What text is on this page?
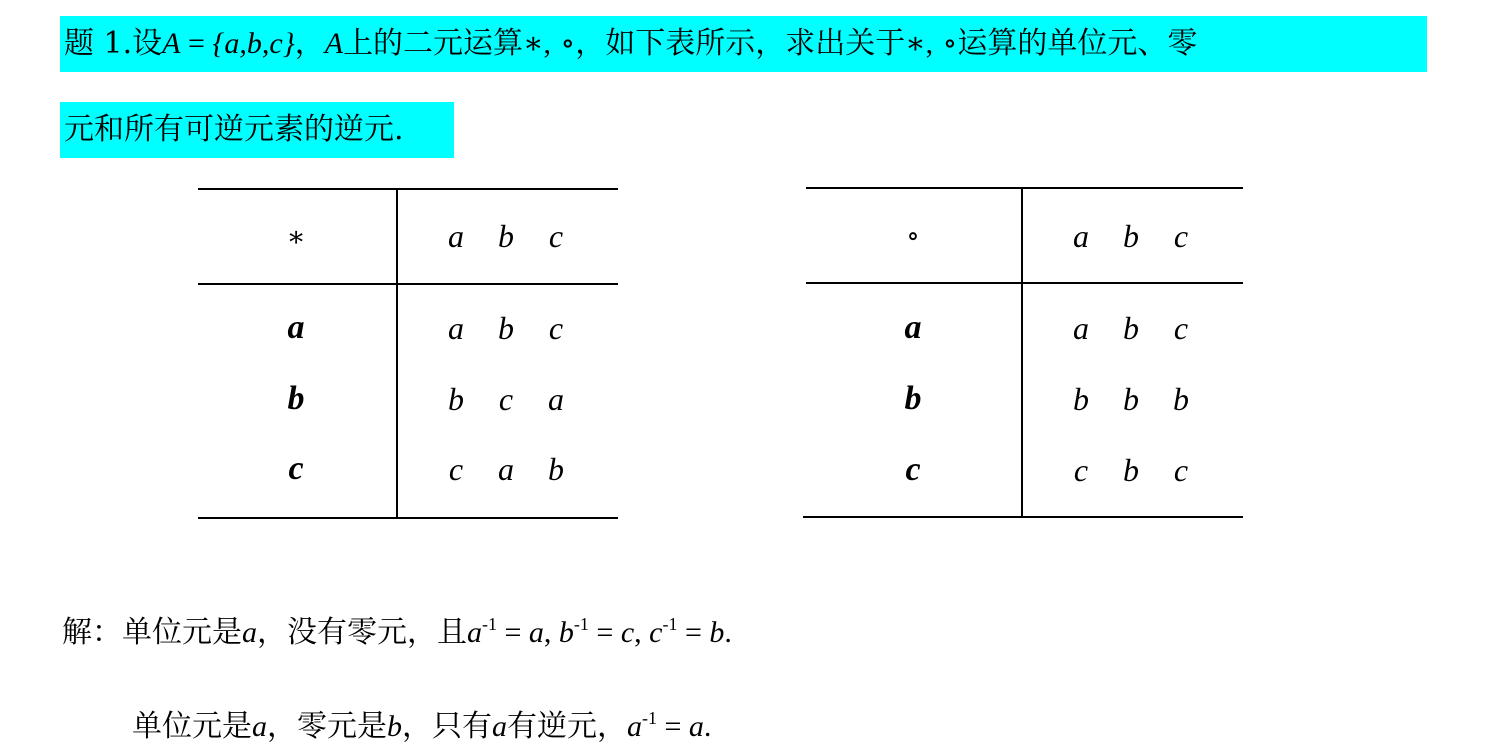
题 1.设A = {a,b,c}，A上的二元运算∗, ∘，如下表所示，求出关于∗, ∘运算的单位元、零
元和所有可逆元素的逆元.
∗	a	b	c
a	a	b	c
b	b	c	a
c	c	a	b
∘	a	b	c
a	a	b	c
b	b	b	b
c	c	b	c
解：单位元是a，没有零元，且$a^{-1} = a$, $b^{-1} = c$, $c^{-1} = b$.
单位元是a，零元是b，只有a有逆元，$a^{-1} = a$.
